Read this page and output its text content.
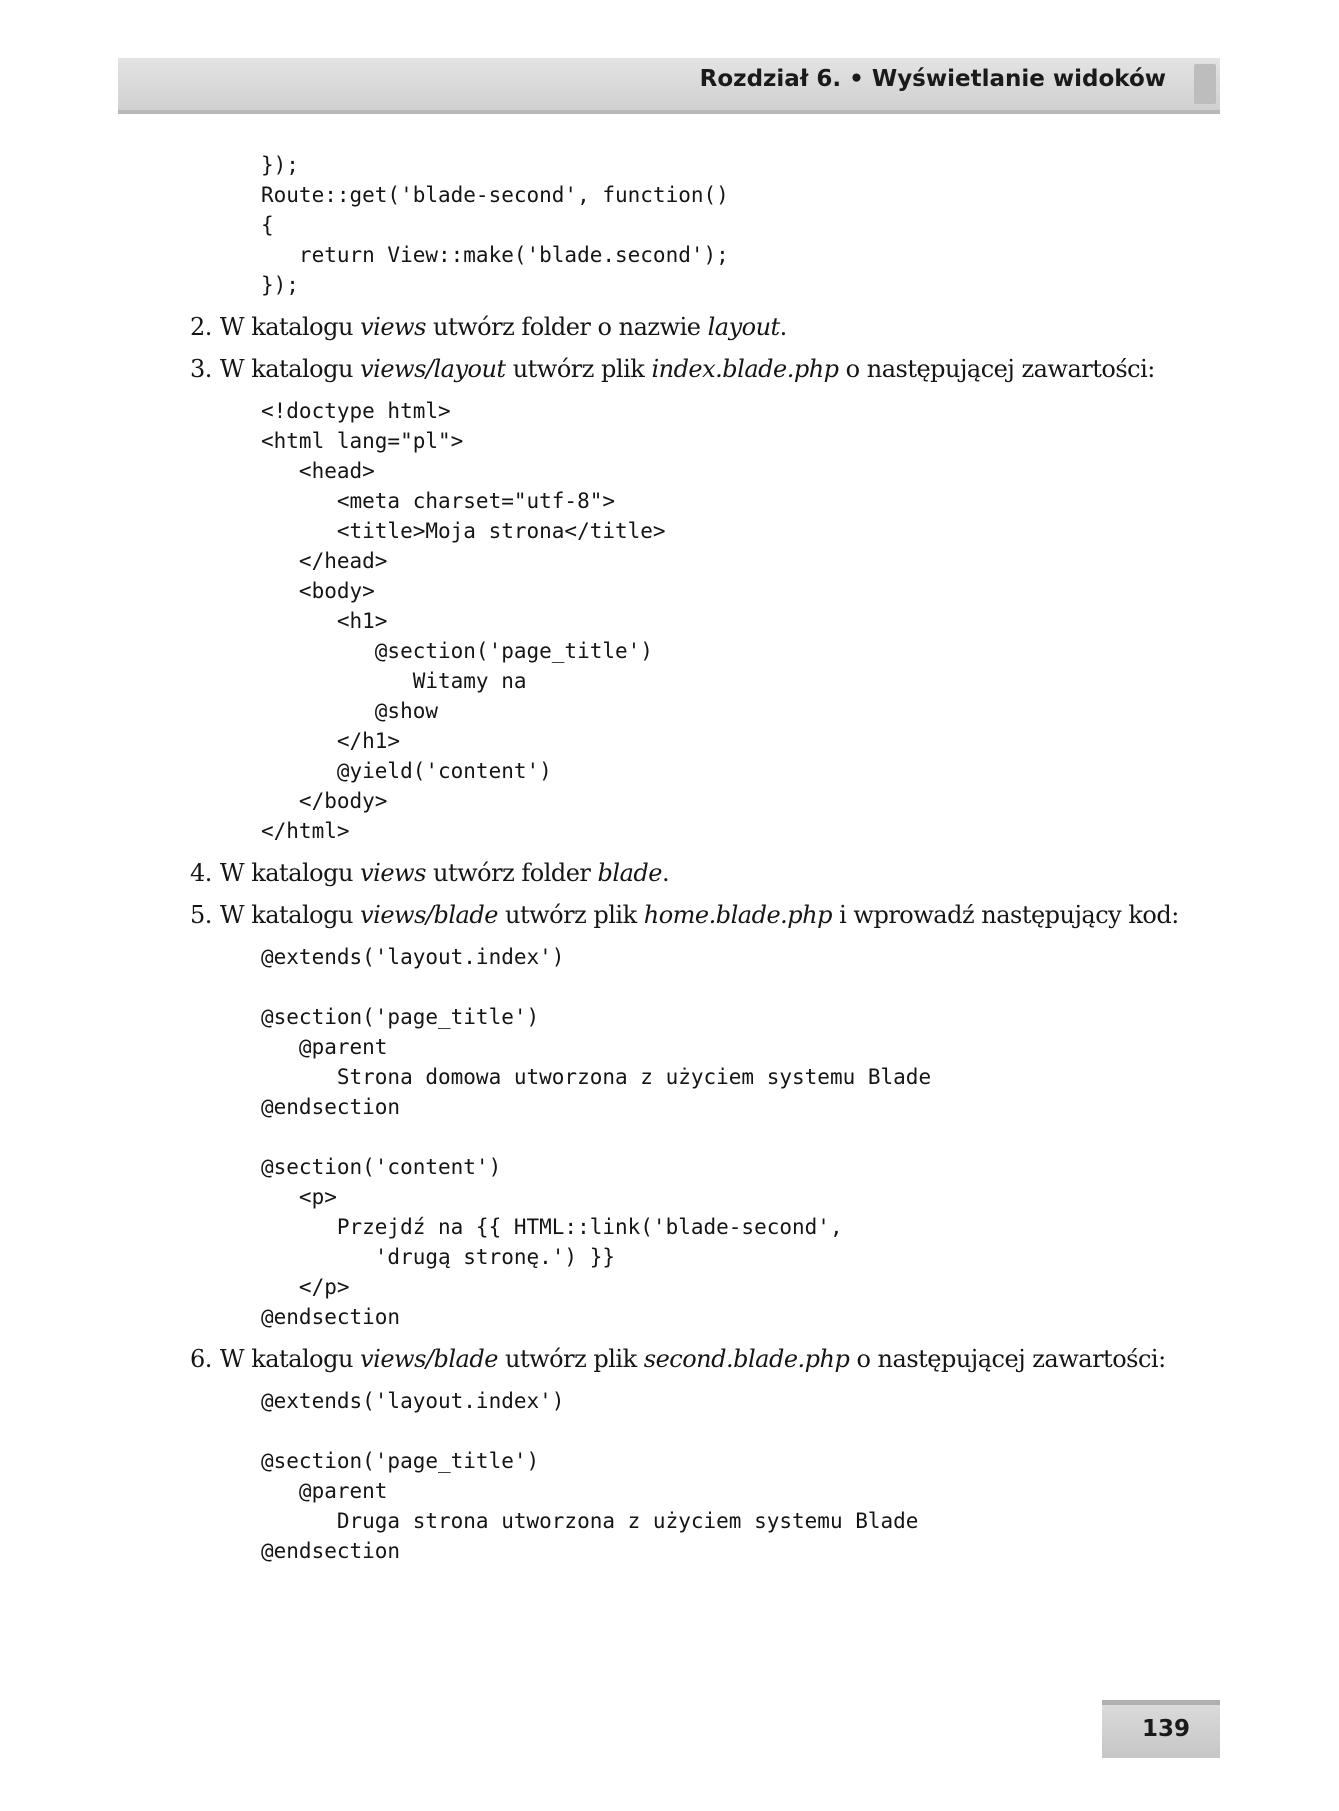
Rozdział 6. • Wyświetlanie widoków
});
Route::get('blade-second', function()
{
return View::make('blade.second');
});

2. W katalogu views utwórz folder o nazwie layout.

3. W katalogu views/layout utwórz plik index.blade.php o następującej zawartości:

<!doctype html>
<html lang="pl">
<head>
<meta charset="utf-8">
<title>Moja strona</title>
</head>
<body>
<h1>
@section('page_title')
Witamy na
@show
</h1>
@yield('content')
</body>
</html>

4. W katalogu views utwórz folder blade.

5. W katalogu views/blade utwórz plik home.blade.php i wprowadź następujący kod:

@extends('layout.index')

@section('page_title')
@parent
Strona domowa utworzona z użyciem systemu Blade
@endsection

@section('content')
<p>
Przejdź na {{ HTML::link('blade-second',
'drugą stronę.') }}
</p>
@endsection

6. W katalogu views/blade utwórz plik second.blade.php o następującej zawartości:

@extends('layout.index')

@section('page_title')
@parent
Druga strona utworzona z użyciem systemu Blade
@endsection
139
